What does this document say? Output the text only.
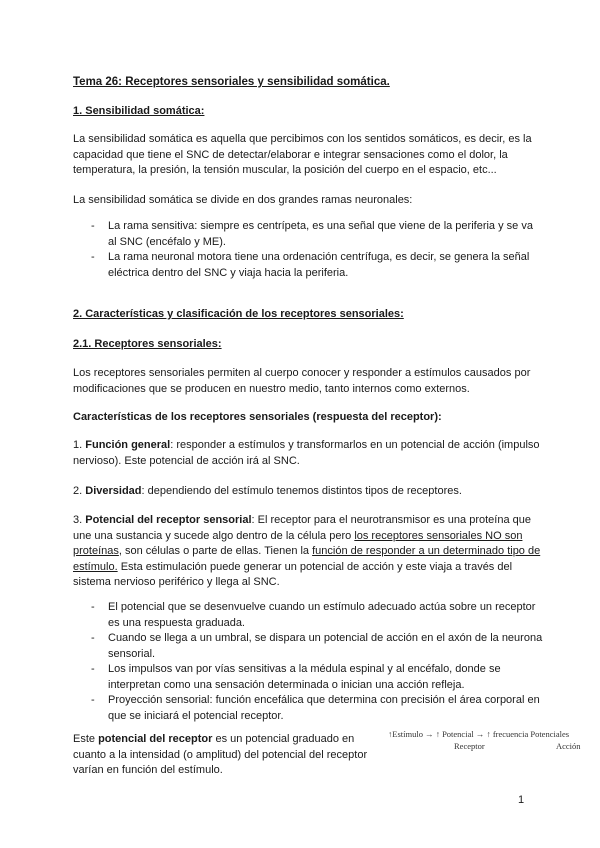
Tema 26: Receptores sensoriales y sensibilidad somática.

1. Sensibilidad somática:

La sensibilidad somática es aquella que percibimos con los sentidos somáticos, es decir, es la capacidad que tiene el SNC de detectar/elaborar e integrar sensaciones como el dolor, la temperatura, la presión, la tensión muscular, la posición del cuerpo en el espacio, etc...

La sensibilidad somática se divide en dos grandes ramas neuronales:

- La rama sensitiva: siempre es centrípeta, es una señal que viene de la periferia y se va al SNC (encéfalo y ME).
- La rama neuronal motora tiene una ordenación centrífuga, es decir, se genera la señal eléctrica dentro del SNC y viaja hacia la periferia.

2. Características y clasificación de los receptores sensoriales:

2.1. Receptores sensoriales:

Los receptores sensoriales permiten al cuerpo conocer y responder a estímulos causados por modificaciones que se producen en nuestro medio, tanto internos como externos.

Características de los receptores sensoriales (respuesta del receptor):

1. Función general: responder a estímulos y transformarlos en un potencial de acción (impulso nervioso). Este potencial de acción irá al SNC.

2. Diversidad: dependiendo del estímulo tenemos distintos tipos de receptores.

3. Potencial del receptor sensorial: El receptor para el neurotransmisor es una proteína que une una sustancia y sucede algo dentro de la célula pero los receptores sensoriales NO son proteínas, son células o parte de ellas. Tienen la función de responder a un determinado tipo de estímulo. Esta estimulación puede generar un potencial de acción y este viaja a través del sistema nervioso periférico y llega al SNC.

- El potencial que se desenvuelve cuando un estímulo adecuado actúa sobre un receptor es una respuesta graduada.
- Cuando se llega a un umbral, se dispara un potencial de acción en el axón de la neurona sensorial.
- Los impulsos van por vías sensitivas a la médula espinal y al encéfalo, donde se interpretan como una sensación determinada o inician una acción refleja.
- Proyección sensorial: función encefálica que determina con precisión el área corporal en que se iniciará el potencial receptor.

Este potencial del receptor es un potencial graduado en cuanto a la intensidad (o amplitud) del potencial del receptor varían en función del estímulo.

↑Estímulo → ↑ Potencial → ↑ frecuencia Potenciales
Receptor	Acción
1
